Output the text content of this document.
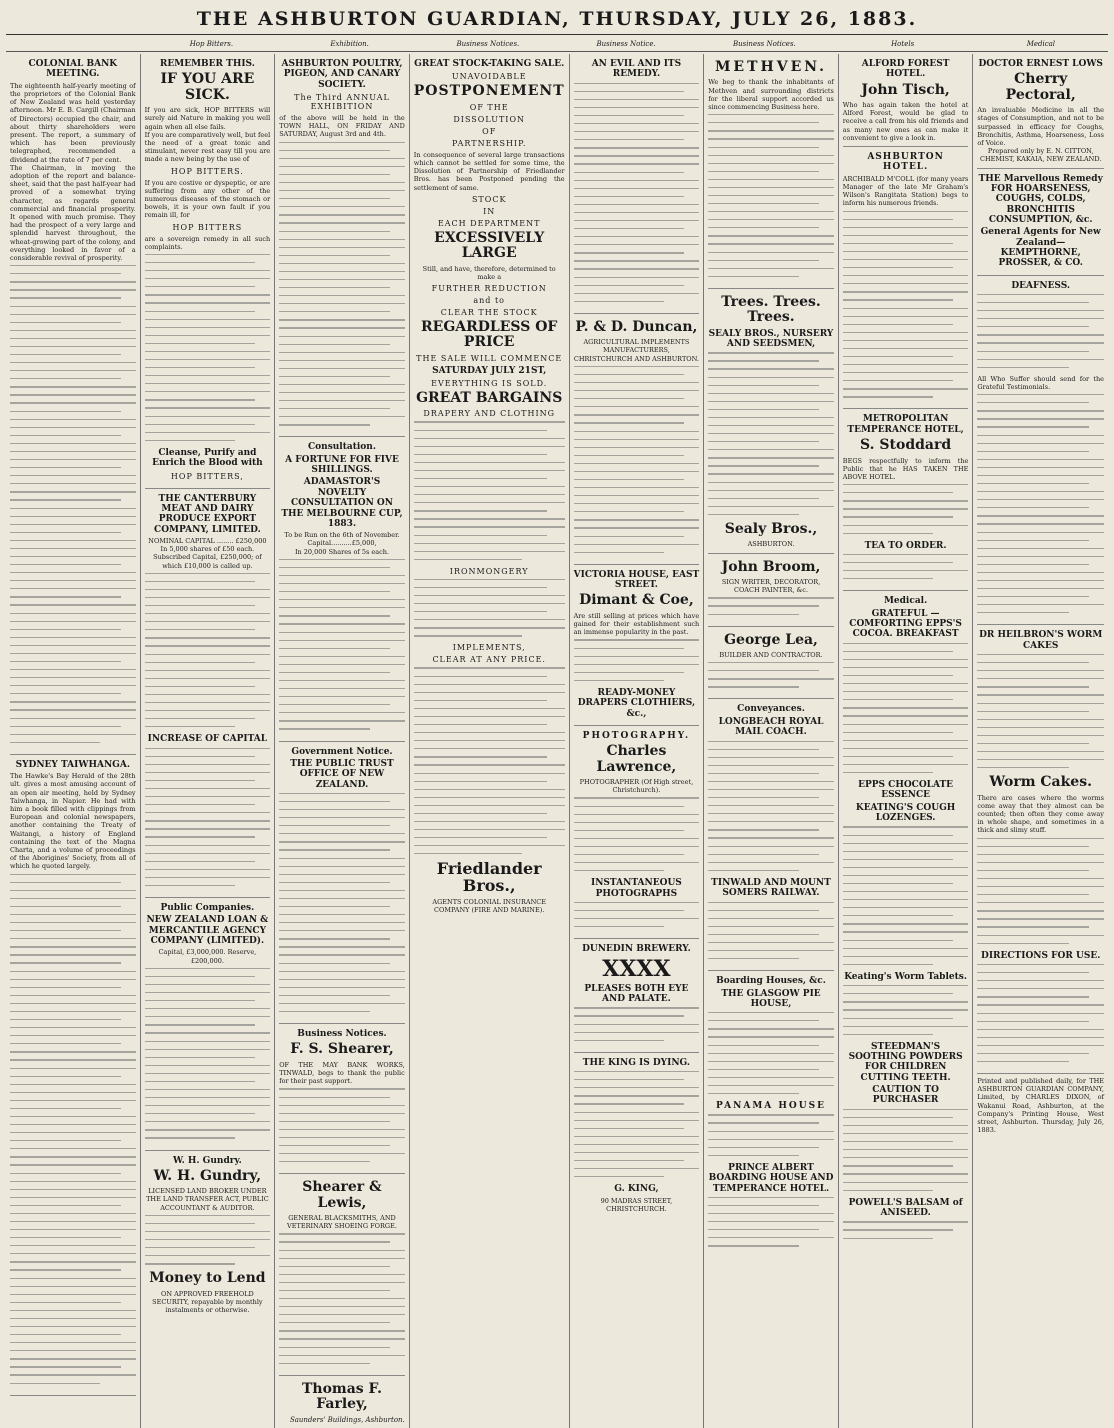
THE ASHBURTON GUARDIAN, THURSDAY, JULY 26, 1883.
Hop Bitters.	Exhibition.	Business Notices.	Business Notice.	Business Notices.	Hotels	Medical
COLONIAL BANK MEETING.

The eighteenth half-yearly meeting of the proprietors of the Colonial Bank of New Zealand was held yesterday afternoon. Mr E. B. Cargill (Chairman of Directors) occupied the chair, and about thirty shareholders were present. The report, a summary of which has been previously telegraphed, recommended a dividend at the rate of 7 per cent.

The Chairman, in moving the adoption of the report and balance-sheet, said that the past half-year had proved of a somewhat trying character, as regards general commercial and financial prosperity. It opened with much promise. They had the prospect of a very large and splendid harvest throughout, the wheat-growing part of the colony, and everything looked in favor of a considerable revival of prosperity.

SYDNEY TAIWHANGA.

The Hawke's Bay Herald of the 28th ult. gives a most amusing account of an open air meeting, held by Sydney Taiwhanga, in Napier. He had with him a book filled with clippings from European and colonial newspapers, another containing the Treaty of Waitangi, a history of England containing the text of the Magna Charta, and a volume of proceedings of the Aborigines' Society, from all of which he quoted largely.

REMEMBER THIS.
IF YOU ARE SICK.

If you are sick, HOP BITTERS will surely aid Nature in making you well again when all else fails.

If you are comparatively well, but feel the need of a great tonic and stimulant, never rest easy till you are made a new being by the use of

HOP BITTERS.

If you are costive or dyspeptic, or are suffering from any other of the numerous diseases of the stomach or bowels, it is your own fault if you remain ill, for

HOP BITTERS

are a sovereign remedy in all such complaints.

Cleanse, Purify and Enrich the Blood with
HOP BITTERS,
THE CANTERBURY MEAT AND DAIRY PRODUCE EXPORT COMPANY, LIMITED.

NOMINAL CAPITAL ........ £250,000

In 5,000 shares of £50 each.

Subscribed Capital, £250,000; of which £10,000 is called up.

INCREASE OF CAPITAL
Public Companies.
NEW ZEALAND LOAN & MERCANTILE AGENCY COMPANY (LIMITED).

Capital, £3,000,000. Reserve, £200,000.

W. H. Gundry.
W. H. Gundry,

LICENSED LAND BROKER UNDER THE LAND TRANSFER ACT, PUBLIC ACCOUNTANT & AUDITOR.

Money to Lend

ON APPROVED FREEHOLD SECURITY, repayable by monthly instalments or otherwise.

ASHBURTON POULTRY, PIGEON, AND CANARY SOCIETY.
The Third ANNUAL EXHIBITION

of the above will be held in the TOWN HALL, ON FRIDAY AND SATURDAY, August 3rd and 4th.

Consultation.
A FORTUNE FOR FIVE SHILLINGS.
ADAMASTOR'S NOVELTY CONSULTATION ON THE MELBOURNE CUP, 1883.

To be Run on the 6th of November.

Capital..........£5,000,

In 20,000 Shares of 5s each.

Government Notice.
THE PUBLIC TRUST OFFICE OF NEW ZEALAND.
Business Notices.
F. S. Shearer,

OF THE MAY BANK WORKS, TINWALD, begs to thank the public for their past support.

Shearer & Lewis,

GENERAL BLACKSMITHS, AND VETERINARY SHOEING FORGE.

Thomas F. Farley,
Saunders' Buildings, Ashburton.
GREAT STOCK-TAKING SALE.
UNAVOIDABLE
POSTPONEMENT
OF THE
DISSOLUTION
OF
PARTNERSHIP.

In consequence of several large transactions which cannot be settled for some time, the Dissolution of Partnership of Friedlander Bros. has been Postponed pending the settlement of same.

STOCK
IN
EACH DEPARTMENT
EXCESSIVELY LARGE

Still, and have, therefore, determined to make a

FURTHER REDUCTION
and to
CLEAR THE STOCK
REGARDLESS OF PRICE
THE SALE WILL COMMENCE
SATURDAY JULY 21ST,
EVERYTHING IS SOLD.
GREAT BARGAINS
DRAPERY AND CLOTHING
IRONMONGERY
IMPLEMENTS,
CLEAR AT ANY PRICE.
Friedlander Bros.,

AGENTS COLONIAL INSURANCE COMPANY (FIRE AND MARINE).

AN EVIL AND ITS REMEDY.
P. & D. Duncan,

AGRICULTURAL IMPLEMENTS MANUFACTURERS, CHRISTCHURCH AND ASHBURTON.

VICTORIA HOUSE, EAST STREET.
Dimant & Coe,

Are still selling at prices which have gained for their establishment such an immense popularity in the past.

READY-MONEY DRAPERS CLOTHIERS, &c.,
PHOTOGRAPHY.
Charles Lawrence,

PHOTOGRAPHER (Of High street, Christchurch).

INSTANTANEOUS PHOTOGRAPHS
DUNEDIN BREWERY.
XXXX
PLEASES BOTH EYE AND PALATE.
THE KING IS DYING.
G. KING,

90 MADRAS STREET, CHRISTCHURCH.

METHVEN.

We beg to thank the inhabitants of Methven and surrounding districts for the liberal support accorded us since commencing Business here.

Trees. Trees. Trees.
SEALY BROS., NURSERY AND SEEDSMEN,
Sealy Bros.,

ASHBURTON.

John Broom,

SIGN WRITER, DECORATOR, COACH PAINTER, &c.

George Lea,

BUILDER AND CONTRACTOR.

Conveyances.
LONGBEACH ROYAL MAIL COACH.
TINWALD AND MOUNT SOMERS RAILWAY.
Boarding Houses, &c.
THE GLASGOW PIE HOUSE,
PANAMA HOUSE
PRINCE ALBERT BOARDING HOUSE AND TEMPERANCE HOTEL.
ALFORD FOREST HOTEL.
John Tisch,

Who has again taken the hotel at Alford Forest, would be glad to receive a call from his old friends and as many new ones as can make it convenient to give a look in.

ASHBURTON HOTEL.

ARCHIBALD M'COLL (for many years Manager of the late Mr Graham's Wilson's Rangitata Station) begs to inform his numerous friends.

METROPOLITAN TEMPERANCE HOTEL,
S. Stoddard

BEGS respectfully to inform the Public that he HAS TAKEN THE ABOVE HOTEL.

TEA TO ORDER.
Medical.
GRATEFUL — COMFORTING EPPS'S COCOA. BREAKFAST
EPPS CHOCOLATE ESSENCE
KEATING'S COUGH LOZENGES.
Keating's Worm Tablets.
STEEDMAN'S SOOTHING POWDERS FOR CHILDREN CUTTING TEETH.
CAUTION TO PURCHASER
POWELL'S BALSAM of ANISEED.
DOCTOR ERNEST LOWS
Cherry Pectoral,

An invaluable Medicine in all the stages of Consumption, and not to be surpassed in efficacy for Coughs, Bronchitis, Asthma, Hoarseness, Loss of Voice.

Prepared only by E. N. CITTON, CHEMIST, KAKAIA, NEW ZEALAND.

THE Marvellous Remedy FOR HOARSENESS, COUGHS, COLDS, BRONCHITIS CONSUMPTION, &c.
General Agents for New Zealand— KEMPTHORNE, PROSSER, & CO.
DEAFNESS.

All Who Suffer should send for the Grateful Testimonials.

DR HEILBRON'S WORM CAKES
Worm Cakes.

There are cases where the worms come away that they almost can be counted; then often they come away in whole shape, and sometimes in a thick and slimy stuff.

DIRECTIONS FOR USE.

Printed and published daily, for THE ASHBURTON GUARDIAN COMPANY, Limited, by CHARLES DIXON, of Wakanui Road, Ashburton, at the Company's Printing House, West street, Ashburton. Thursday, July 26, 1883.
